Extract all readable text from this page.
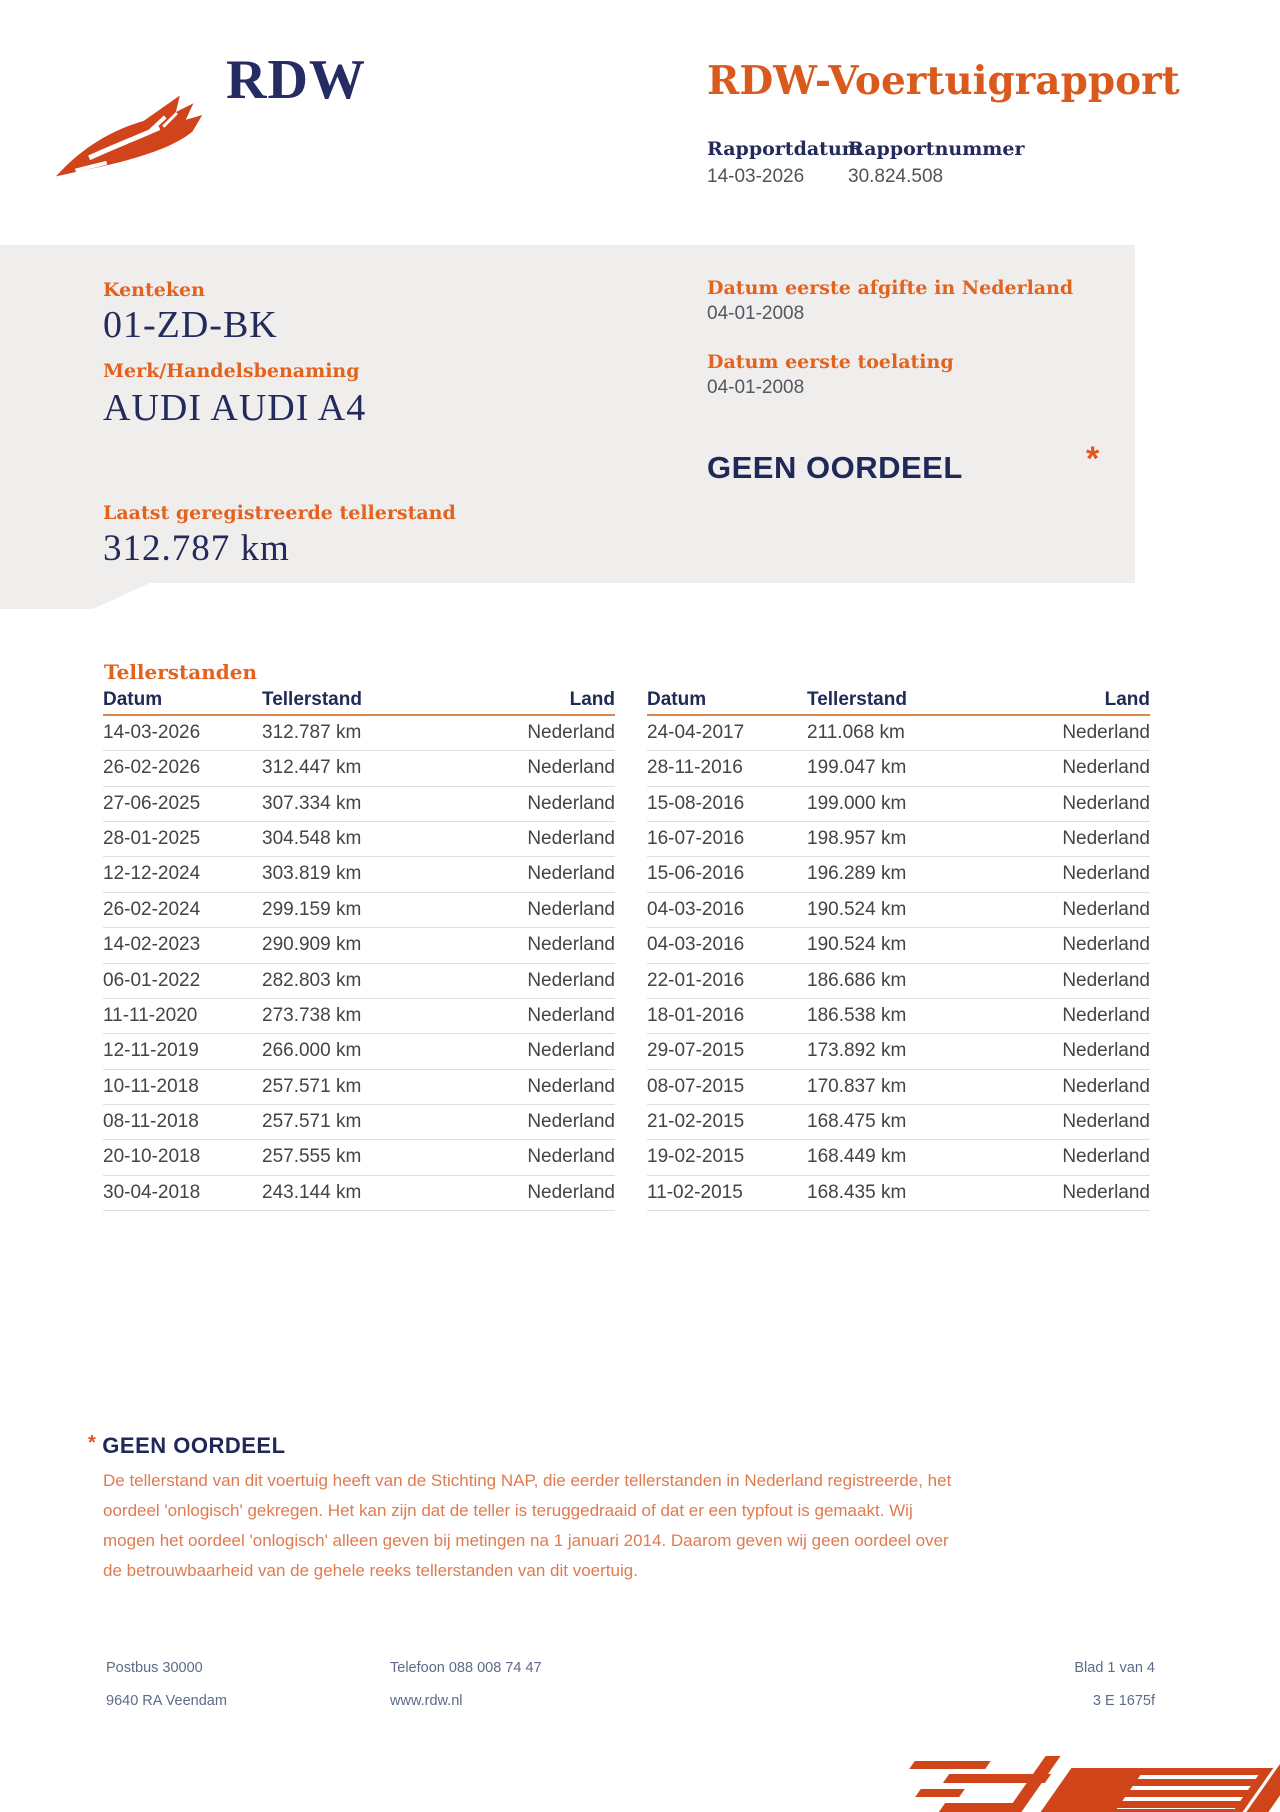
RDW	RDW-Voertuigrapport
Rapportdatum
Rapportnummer
14-03-2026 30.824.508
Kenteken
01-ZD-BK
Merk/Handelsbenaming
AUDI AUDI A4
Datum eerste afgifte in Nederland
04-01-2008
Datum eerste toelating
04-01-2008
GEEN OORDEEL	*
Laatst geregistreerde tellerstand
312.787 km
Tellerstanden
Datum	Tellerstand	Land
14-03-2026	312.787 km	Nederland
26-02-2026	312.447 km	Nederland
27-06-2025	307.334 km	Nederland
28-01-2025	304.548 km	Nederland
12-12-2024	303.819 km	Nederland
26-02-2024	299.159 km	Nederland
14-02-2023	290.909 km	Nederland
06-01-2022	282.803 km	Nederland
11-11-2020	273.738 km	Nederland
12-11-2019	266.000 km	Nederland
10-11-2018	257.571 km	Nederland
08-11-2018	257.571 km	Nederland
20-10-2018	257.555 km	Nederland
30-04-2018	243.144 km	Nederland
Datum	Tellerstand	Land
24-04-2017	211.068 km	Nederland
28-11-2016	199.047 km	Nederland
15-08-2016	199.000 km	Nederland
16-07-2016	198.957 km	Nederland
15-06-2016	196.289 km	Nederland
04-03-2016	190.524 km	Nederland
04-03-2016	190.524 km	Nederland
22-01-2016	186.686 km	Nederland
18-01-2016	186.538 km	Nederland
29-07-2015	173.892 km	Nederland
08-07-2015	170.837 km	Nederland
21-02-2015	168.475 km	Nederland
19-02-2015	168.449 km	Nederland
11-02-2015	168.435 km	Nederland
* GEEN OORDEEL
De tellerstand van dit voertuig heeft van de Stichting NAP, die eerder tellerstanden in Nederland registreerde, het
oordeel 'onlogisch' gekregen. Het kan zijn dat de teller is teruggedraaid of dat er een typfout is gemaakt. Wij
mogen het oordeel 'onlogisch' alleen geven bij metingen na 1 januari 2014. Daarom geven wij geen oordeel over
de betrouwbaarheid van de gehele reeks tellerstanden van dit voertuig.
Postbus 30000
9640 RA Veendam
Telefoon 088 008 74 47
www.rdw.nl
Blad 1 van 4
3 E 1675f
